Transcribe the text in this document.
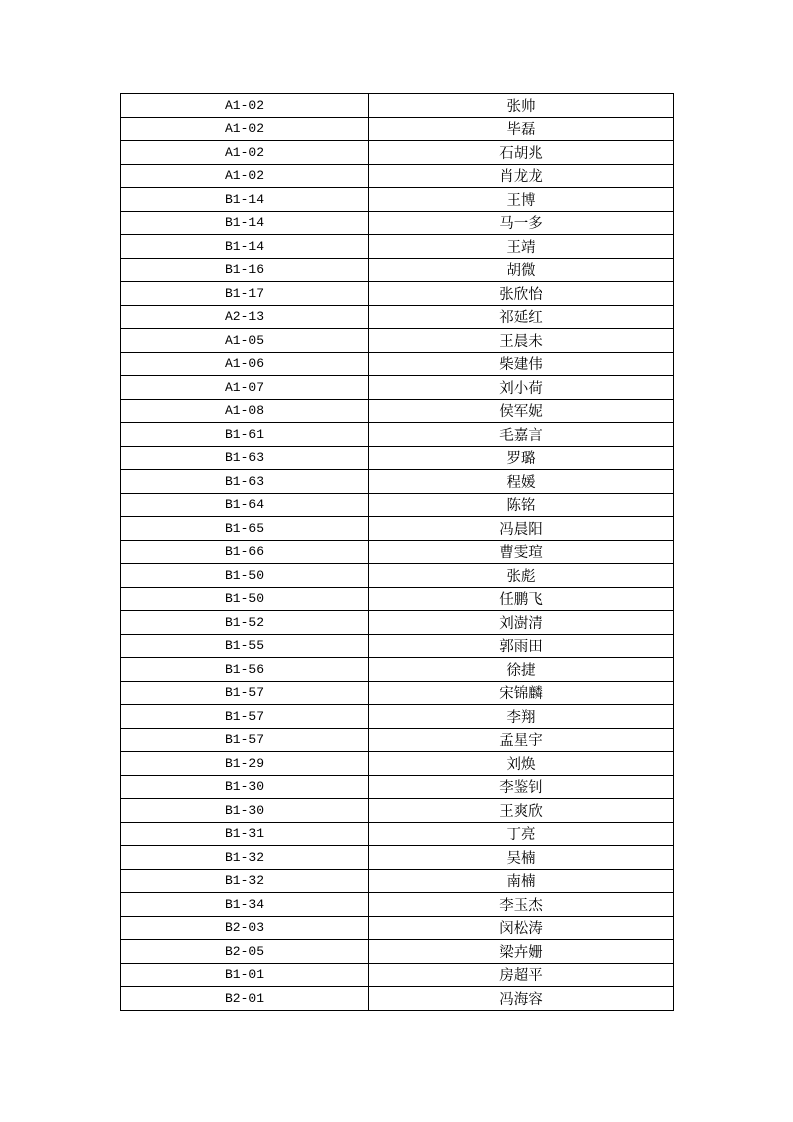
A1-02	张帅
A1-02	毕磊
A1-02	石胡兆
A1-02	肖龙龙
B1-14	王博
B1-14	马一多
B1-14	王靖
B1-16	胡微
B1-17	张欣怡
A2-13	祁延红
A1-05	王晨未
A1-06	柴建伟
A1-07	刘小荷
A1-08	侯军妮
B1-61	毛嘉言
B1-63	罗璐
B1-63	程媛
B1-64	陈铭
B1-65	冯晨阳
B1-66	曹雯瑄
B1-50	张彪
B1-50	任鹏飞
B1-52	刘澍清
B1-55	郭雨田
B1-56	徐捷
B1-57	宋锦麟
B1-57	李翔
B1-57	孟星宇
B1-29	刘焕
B1-30	李鉴钊
B1-30	王爽欣
B1-31	丁亮
B1-32	吴楠
B1-32	南楠
B1-34	李玉杰
B2-03	闵松涛
B2-05	梁卉姗
B1-01	房超平
B2-01	冯海容
